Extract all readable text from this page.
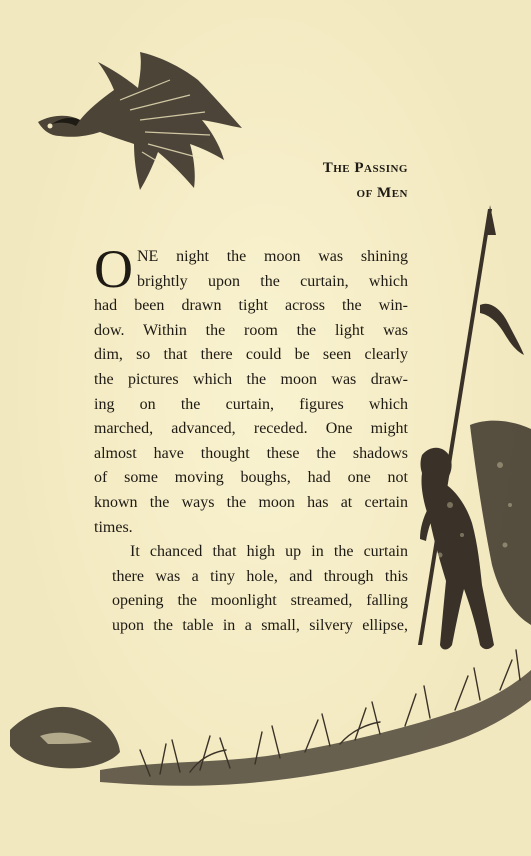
The Passing
of Men
O NE night the moon was shining
brightly upon the curtain, which
had been drawn tight across the win-
dow. Within the room the light was
dim, so that there could be seen clearly
the pictures which the moon was draw-
ing on the curtain, figures which
marched, advanced, receded. One might
almost have thought these the shadows
of some moving boughs, had one not
known the ways the moon has at certain
times.
It chanced that high up in the curtain
there was a tiny hole, and through this
opening the moonlight streamed, falling
upon the table in a small, silvery ellipse,
